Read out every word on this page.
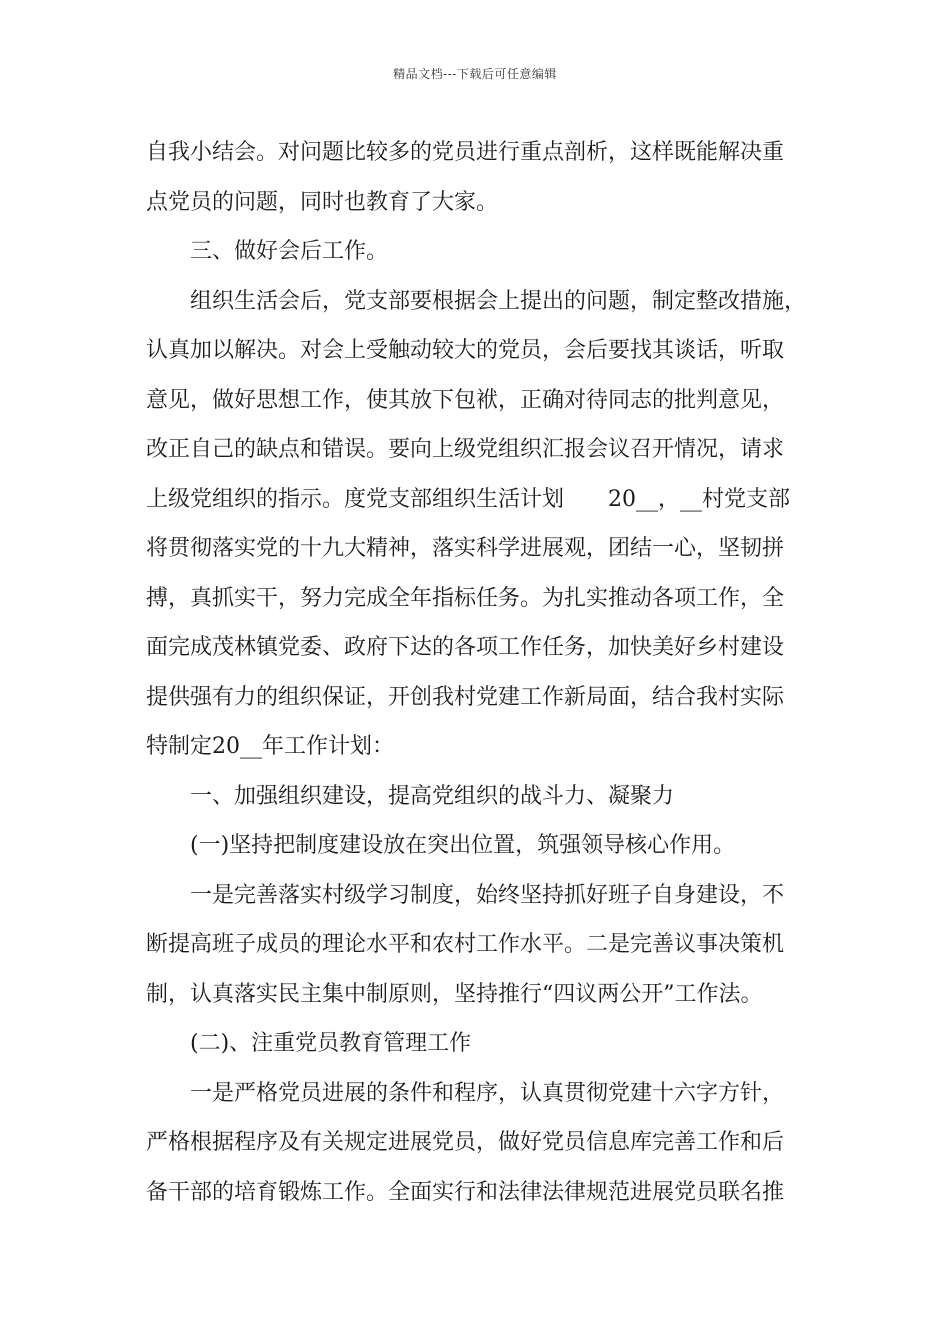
精品文档---下载后可任意编辑
自我小结会。对问题比较多的党员进行重点剖析，这样既能解决重
点党员的问题，同时也教育了大家。
三、做好会后工作。
组织生活会后，党支部要根据会上提出的问题，制定整改措施，
认真加以解决。对会上受触动较大的党员，会后要找其谈话，听取
意见，做好思想工作，使其放下包袱，正确对待同志的批判意见，
改正自己的缺点和错误。要向上级党组织汇报会议召开情况，请求
上级党组织的指示。度党支部组织生活计划　　20__，__村党支部
将贯彻落实党的十九大精神，落实科学进展观，团结一心，坚韧拼
搏，真抓实干，努力完成全年指标任务。为扎实推动各项工作，全
面完成茂林镇党委、政府下达的各项工作任务，加快美好乡村建设
提供强有力的组织保证，开创我村党建工作新局面，结合我村实际
特制定20__年工作计划：
一、加强组织建设，提高党组织的战斗力、凝聚力
(一)坚持把制度建设放在突出位置，筑强领导核心作用。
一是完善落实村级学习制度，始终坚持抓好班子自身建设，不
断提高班子成员的理论水平和农村工作水平。二是完善议事决策机
制，认真落实民主集中制原则，坚持推行“四议两公开”工作法。
(二)、注重党员教育管理工作
一是严格党员进展的条件和程序，认真贯彻党建十六字方针，
严格根据程序及有关规定进展党员，做好党员信息库完善工作和后
备干部的培育锻炼工作。全面实行和法律法律规范进展党员联名推
